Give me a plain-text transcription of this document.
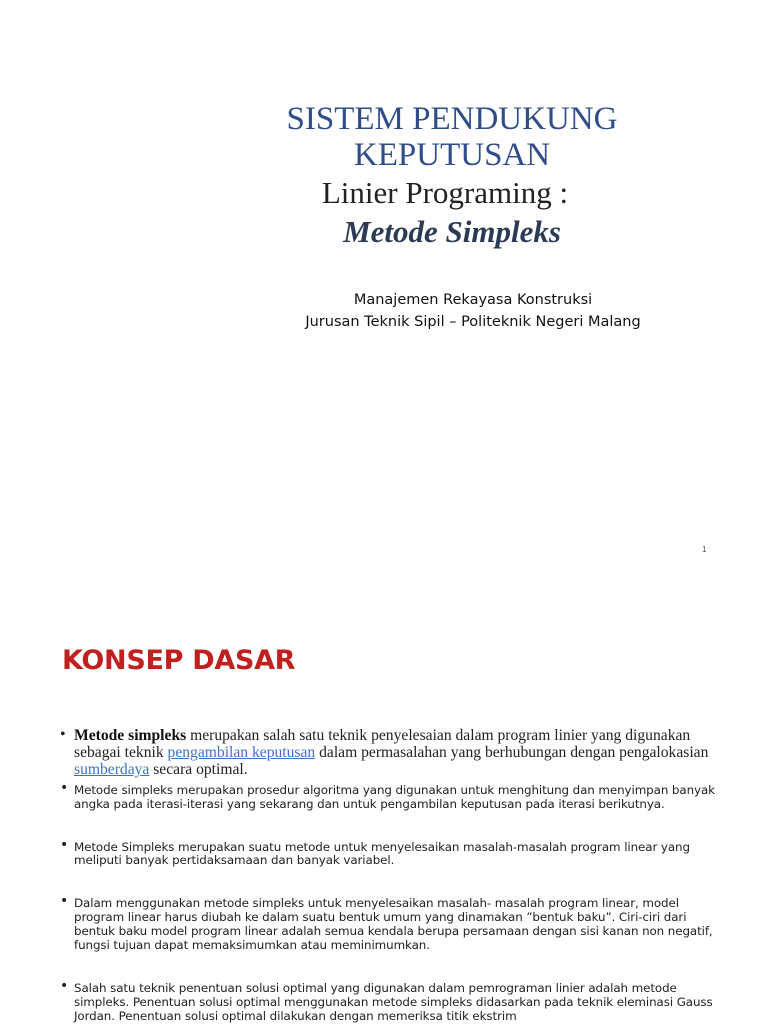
SISTEM PENDUKUNG
KEPUTUSAN
Linier Programing :
Metode Simpleks
Manajemen Rekayasa Konstruksi
Jurusan Teknik Sipil – Politeknik Negeri Malang
1
KONSEP DASAR

• Metode simpleks merupakan salah satu teknik penyelesaian dalam program linier yang digunakan sebagai teknik pengambilan keputusan dalam permasalahan yang berhubungan dengan pengalokasian sumberdaya secara optimal.

• Metode simpleks merupakan prosedur algoritma yang digunakan untuk menghitung dan menyimpan banyak angka pada iterasi-iterasi yang sekarang dan untuk pengambilan keputusan pada iterasi berikutnya.

• Metode Simpleks merupakan suatu metode untuk menyelesaikan masalah-masalah program linear yang meliputi banyak pertidaksamaan dan banyak variabel.

• Dalam menggunakan metode simpleks untuk menyelesaikan masalah- masalah program linear, model program linear harus diubah ke dalam suatu bentuk umum yang dinamakan ”bentuk baku”. Ciri-ciri dari bentuk baku model program linear adalah semua kendala berupa persamaan dengan sisi kanan non negatif, fungsi tujuan dapat memaksimumkan atau meminimumkan.

• Salah satu teknik penentuan solusi optimal yang digunakan dalam pemrograman linier adalah metode simpleks. Penentuan solusi optimal menggunakan metode simpleks didasarkan pada teknik eleminasi Gauss Jordan. Penentuan solusi optimal dilakukan dengan memeriksa titik ekstrim
